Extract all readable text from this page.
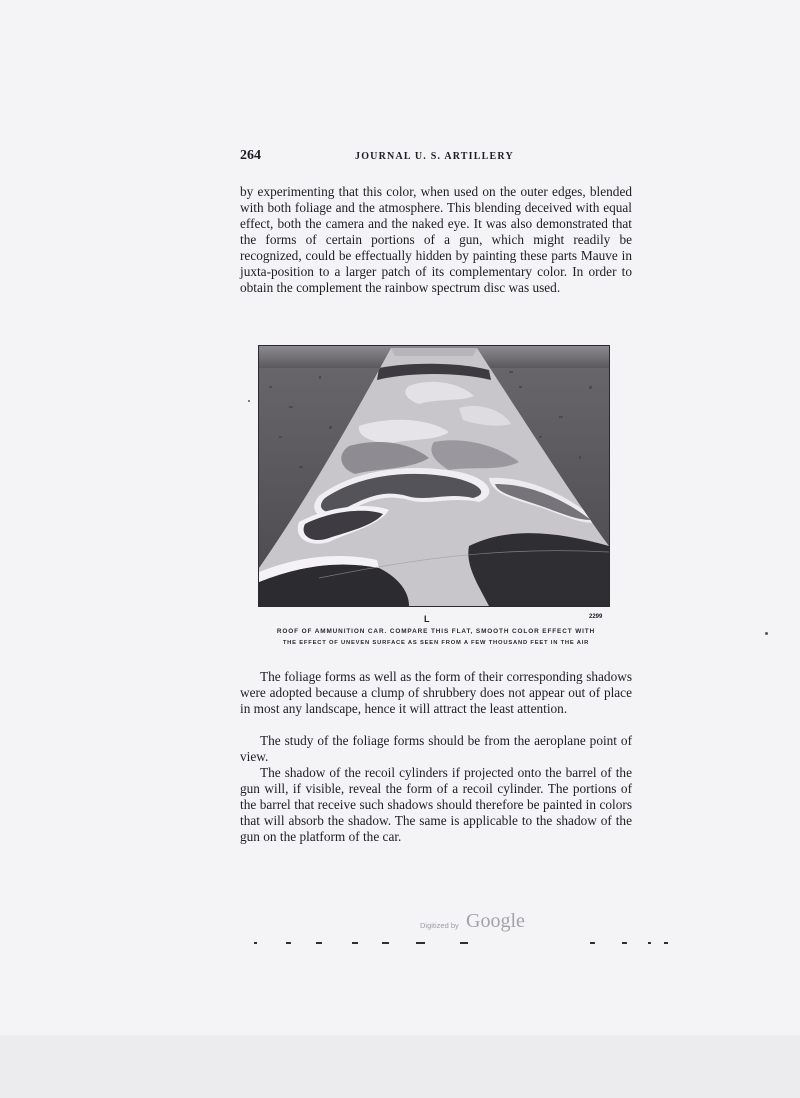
264	JOURNAL U. S. ARTILLERY

by experimenting that this color, when used on the outer edges, blended with both foliage and the atmosphere. This blending deceived with equal effect, both the camera and the naked eye. It was also demonstrated that the forms of certain portions of a gun, which might readily be recognized, could be effectually hidden by painting these parts Mauve in juxta-position to a larger patch of its complementary color. In order to obtain the complement the rainbow spectrum disc was used.

L	2299
ROOF OF AMMUNITION CAR. COMPARE THIS FLAT, SMOOTH COLOR EFFECT WITH
THE EFFECT OF UNEVEN SURFACE AS SEEN FROM A FEW THOUSAND FEET IN THE AIR

The foliage forms as well as the form of their corresponding shadows were adopted because a clump of shrubbery does not appear out of place in most any landscape, hence it will attract the least attention.

The study of the foliage forms should be from the aeroplane point of view.

The shadow of the recoil cylinders if projected onto the barrel of the gun will, if visible, reveal the form of a recoil cylinder. The portions of the barrel that receive such shadows should therefore be painted in colors that will absorb the shadow. The same is applicable to the shadow of the gun on the platform of the car.

Digitized by Google
